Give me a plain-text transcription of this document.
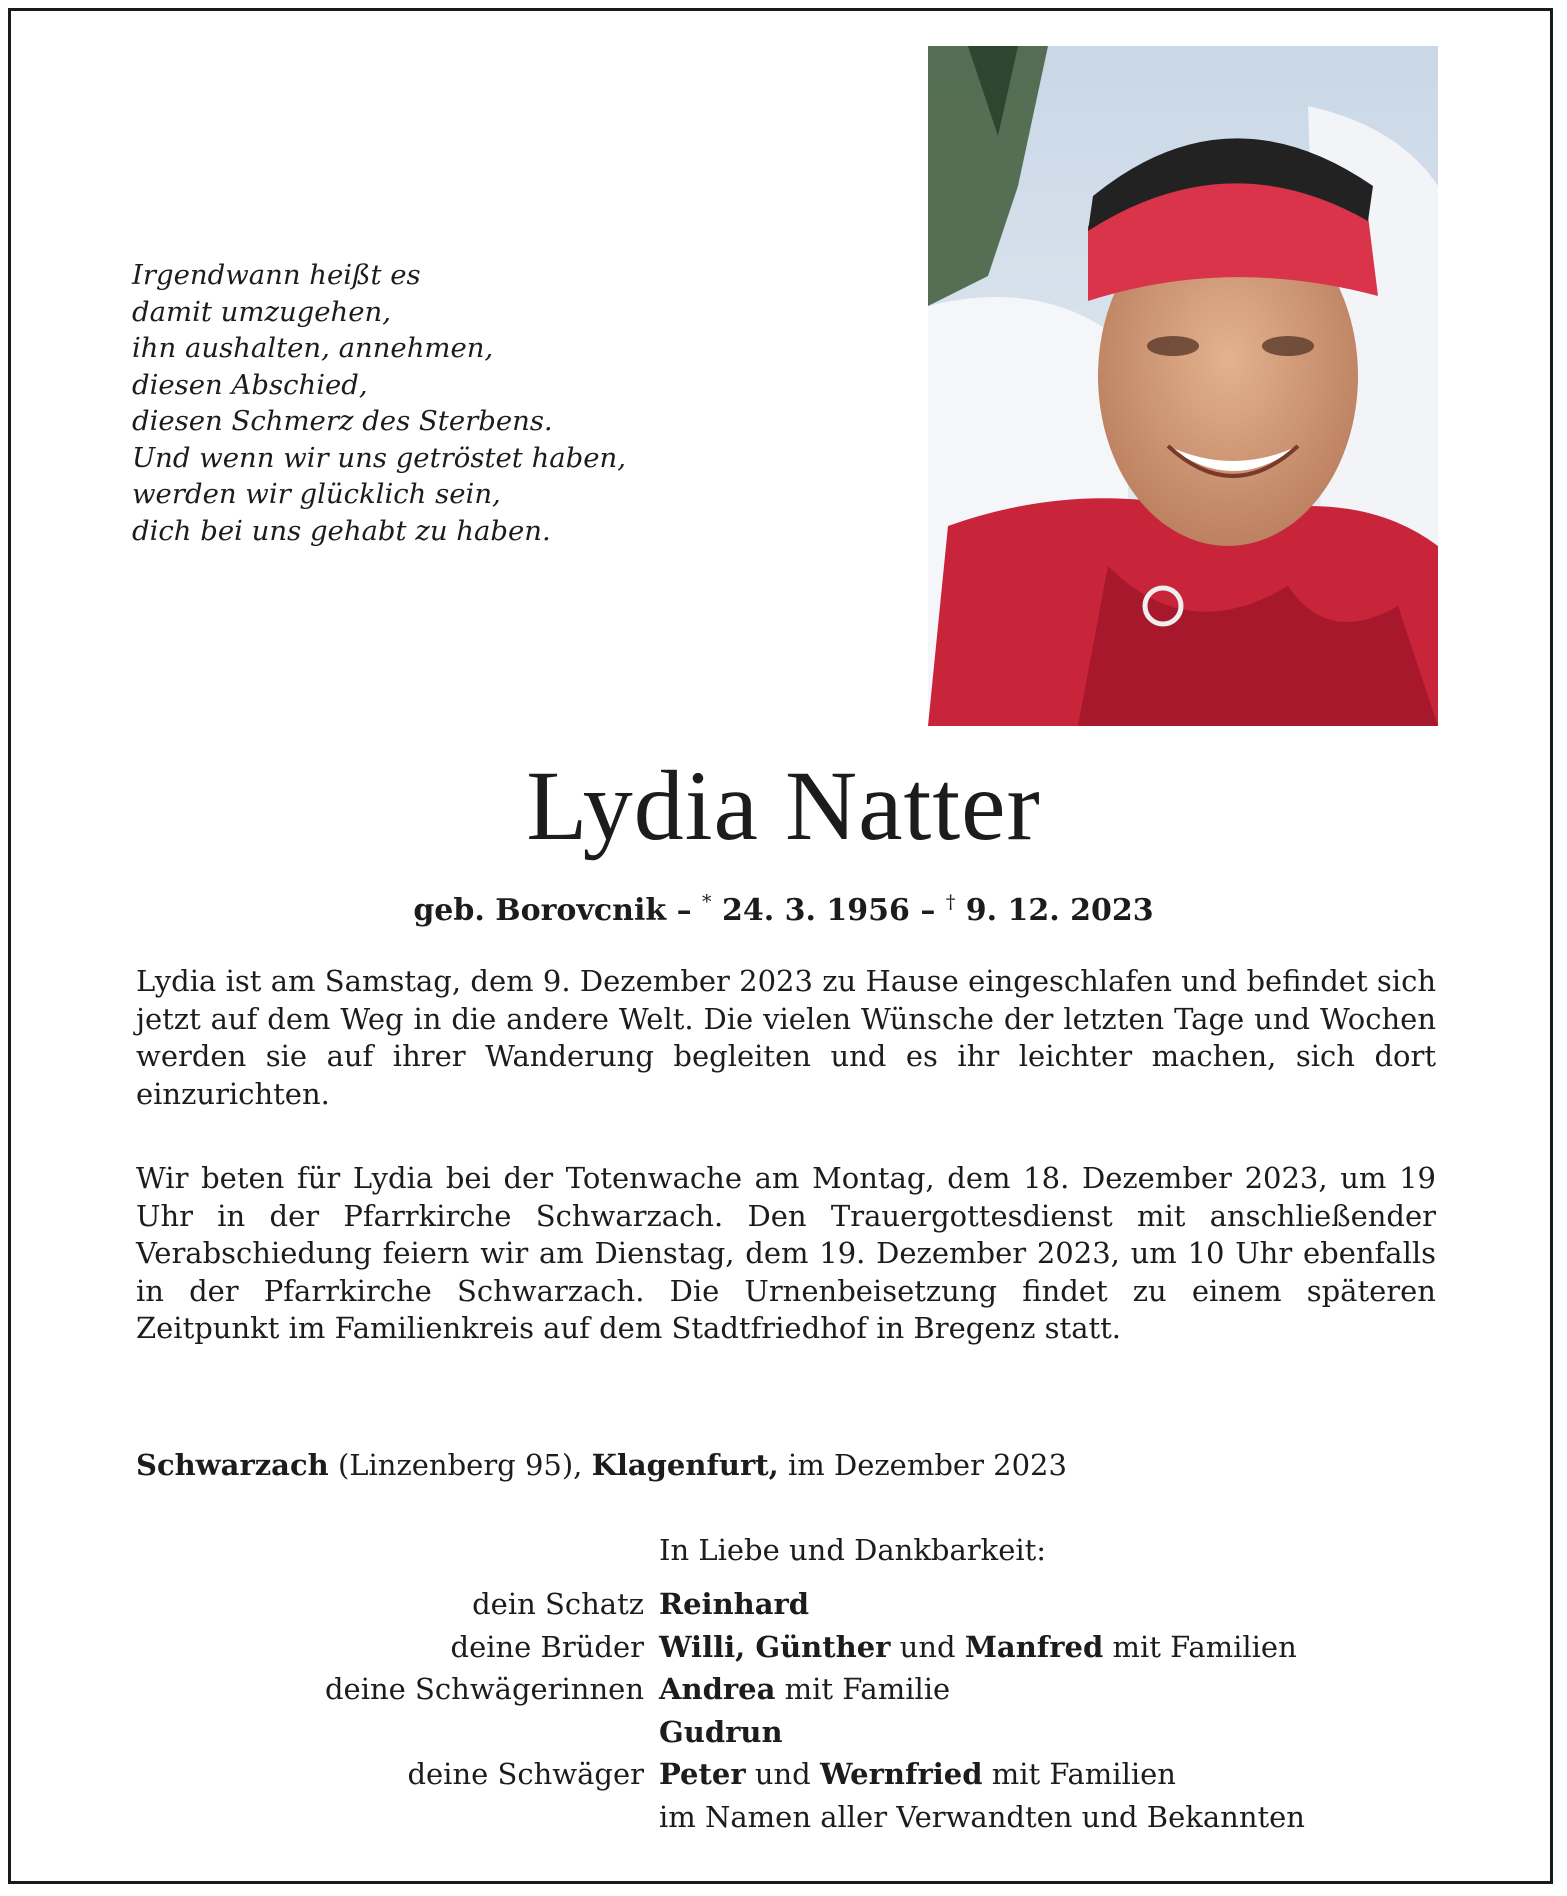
Irgendwann heißt es
damit umzugehen,
ihn aushalten, annehmen,
diesen Abschied,
diesen Schmerz des Sterbens.
Und wenn wir uns getröstet haben,
werden wir glücklich sein,
dich bei uns gehabt zu haben.
Lydia Natter
geb. Borovcnik – * 24. 3. 1956 – † 9. 12. 2023

Lydia ist am Samstag, dem 9. Dezember 2023 zu Hause eingeschlafen und befindet sich jetzt auf dem Weg in die andere Welt. Die vielen Wünsche der letzten Tage und Wochen werden sie auf ihrer Wanderung begleiten und es ihr leichter machen, sich dort einzurichten.

Wir beten für Lydia bei der Totenwache am Montag, dem 18. Dezember 2023, um 19 Uhr in der Pfarrkirche Schwarzach. Den Trauergottesdienst mit anschließender Verabschiedung feiern wir am Dienstag, dem 19. Dezember 2023, um 10 Uhr ebenfalls in der Pfarrkirche Schwarzach. Die Urnenbeisetzung findet zu einem späteren Zeitpunkt im Familienkreis auf dem Stadtfriedhof in Bregenz statt.

Schwarzach (Linzenberg 95), Klagenfurt, im Dezember 2023
In Liebe und Dankbarkeit:
dein Schatz Reinhard
deine Brüder Willi, Günther und Manfred mit Familien
deine Schwägerinnen Andrea mit Familie
Gudrun
deine Schwäger Peter und Wernfried mit Familien
im Namen aller Verwandten und Bekannten
